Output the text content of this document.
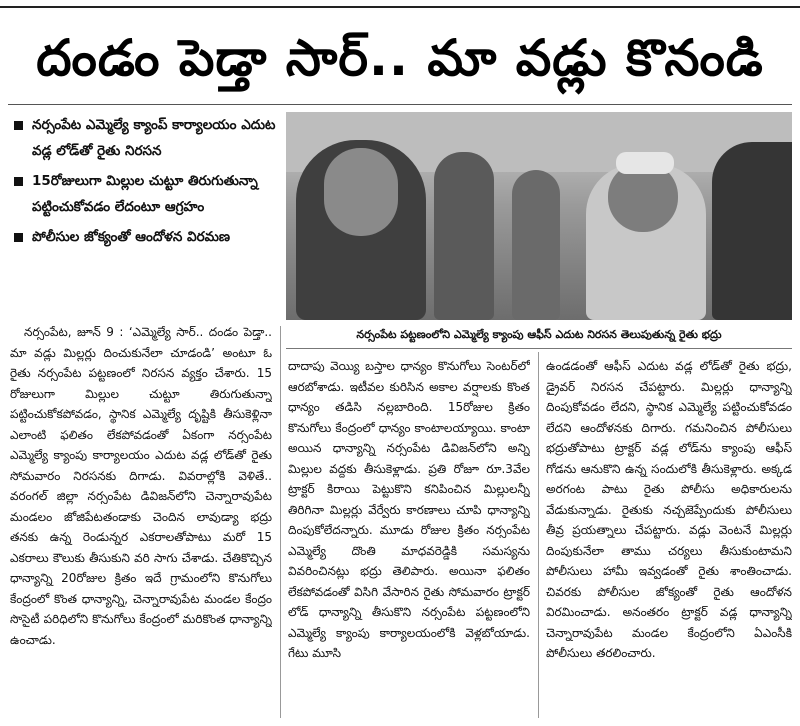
దండం పెడ్తా సార్.. మా వడ్లు కొనండి
నర్సంపేట ఎమ్మెల్యే క్యాంప్ కార్యాలయం ఎదుట వడ్ల లోడ్‌తో రైతు నిరసన
15రోజులుగా మిల్లుల చుట్టూ తిరుగుతున్నా పట్టించుకోవడం లేదంటూ ఆగ్రహం
పోలీసుల జోక్యంతో ఆందోళన విరమణ
నర్సంపేట పట్టణంలోని ఎమ్మెల్యే క్యాంపు ఆఫీస్ ఎదుట నిరసన తెలుపుతున్న రైతు భద్రు

నర్సంపేట, జూన్ 9 : ‘ఎమ్మెల్యే సార్.. దండం పెడ్తా.. మా వడ్లు మిల్లర్లు దించుకునేలా చూడండి’ అంటూ ఓ రైతు నర్సంపేట పట్టణంలో నిరసన వ్యక్తం చేశారు. 15 రోజులుగా మిల్లుల చుట్టూ తిరుగుతున్నా పట్టించుకోకపోవడం, స్థానిక ఎమ్మెల్యే దృష్టికి తీసుకెళ్లినా ఎలాంటి ఫలితం లేకపోవడంతో ఏకంగా నర్సంపేట ఎమ్మెల్యే క్యాంపు కార్యాలయం ఎదుట వడ్ల లోడ్‌తో రైతు సోమవారం నిరసనకు దిగాడు. వివరాల్లోకి వెళితే.. వరంగల్ జిల్లా నర్సంపేట డివిజన్‌లోని చెన్నారావుపేట మండలం జోజిపేటతండాకు చెందిన లావుడ్యా భద్రు తనకు ఉన్న రెండున్నర ఎకరాలతోపాటు మరో 15 ఎకరాలు కౌలుకు తీసుకుని వరి సాగు చేశాడు. చేతికొచ్చిన ధాన్యాన్ని 20రోజుల క్రితం ఇదే గ్రామంలోని కొనుగోలు కేంద్రంలో కొంత ధాన్యాన్ని, చెన్నారావుపేట మండల కేంద్రం సొసైటీ పరిధిలోని కొనుగోలు కేంద్రంలో మరికొంత ధాన్యాన్ని ఉంచాడు.

దాదాపు వెయ్యి బస్తాల ధాన్యం కొనుగోలు సెంటర్‌లో ఆరబోశాడు. ఇటీవల కురిసిన అకాల వర్షాలకు కొంత ధాన్యం తడిసి నల్లబారింది. 15రోజుల క్రితం కొనుగోలు కేంద్రంలో ధాన్యం కాంటాలయ్యాయి. కాంటా అయిన ధాన్యాన్ని నర్సంపేట డివిజన్‌లోని అన్ని మిల్లుల వద్దకు తీసుకెళ్లాడు. ప్రతి రోజూ రూ.3వేల ట్రాక్టర్ కిరాయి పెట్టుకొని కనిపించిన మిల్లులన్నీ తిరిగినా మిల్లర్లు వేర్వేరు కారణాలు చూపి ధాన్యాన్ని దింపుకోలేదన్నారు. మూడు రోజుల క్రితం నర్సంపేట ఎమ్మెల్యే దొంతి మాధవరెడ్డికి సమస్యను వివరించినట్లు భద్రు తెలిపారు. అయినా ఫలితం లేకపోవడంతో విసిగి వేసారిన రైతు సోమవారం ట్రాక్టర్ లోడ్ ధాన్యాన్ని తీసుకొని నర్సంపేట పట్టణంలోని ఎమ్మెల్యే క్యాంపు కార్యాలయంలోకి వెళ్లబోయాడు. గేటు మూసి

ఉండడంతో ఆఫీస్ ఎదుట వడ్ల లోడ్‌తో రైతు భద్రు, డ్రైవర్ నిరసన చేపట్టారు. మిల్లర్లు ధాన్యాన్ని దింపుకోవడం లేదని, స్థానిక ఎమ్మెల్యే పట్టించుకోవడం లేదని ఆందోళనకు దిగారు. గమనించిన పోలీసులు భద్రుతోపాటు ట్రాక్టర్ వడ్ల లోడ్‌ను క్యాంపు ఆఫీస్ గోడను ఆనుకొని ఉన్న సందులోకి తీసుకెళ్లారు. అక్కడ అరగంట పాటు రైతు పోలీసు అధికారులను వేడుకున్నాడు. రైతుకు నచ్చజెప్పేందుకు పోలీసులు తీవ్ర ప్రయత్నాలు చేపట్టారు. వడ్లు వెంటనే మిల్లర్లు దింపుకునేలా తాము చర్యలు తీసుకుంటామని పోలీసులు హామీ ఇవ్వడంతో రైతు శాంతించాడు. చివరకు పోలీసుల జోక్యంతో రైతు ఆందోళన విరమించాడు. అనంతరం ట్రాక్టర్ వడ్ల ధాన్యాన్ని చెన్నారావుపేట మండల కేంద్రంలోని ఏఎంసీకి పోలీసులు తరలించారు.
